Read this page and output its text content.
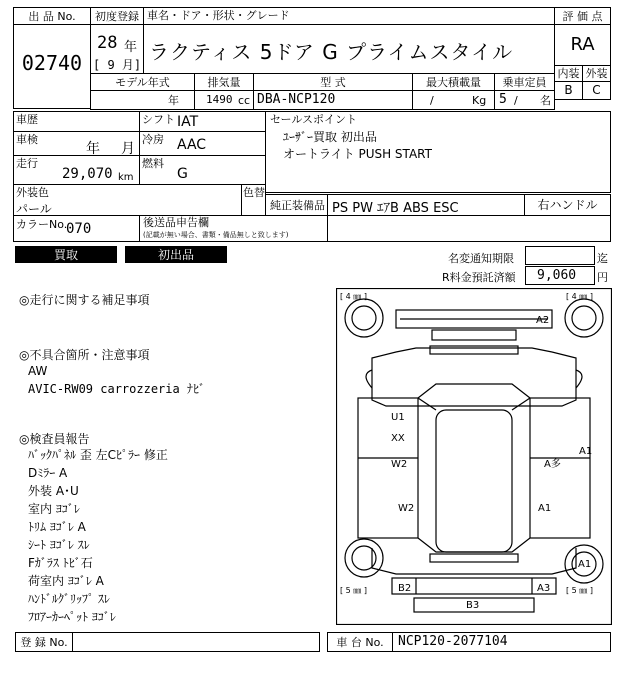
出 品 No.
02740
初度登録
28 年
[ 9 月]
車名・ドア・形状・グレード
ラクティス 5ドア G プライムスタイル
評 価 点
RA
内装 外装
B	C
モデル年式	排気量	型 式	最大積載量	乗車定員
年 1490 cc DBA-NCP120	/	Kg 5 / 名
車歴	シフト IAT
車検
年 月
冷房 AAC
走行
29,070 km
燃料
G
外装色
パール
色替
カラーNo.
070	後送品申告欄
(記載が無い場合、書類・備品無しと致します)
セールスポイント
ﾕｰｻﾞｰ買取 初出品
オートライト PUSH START
純正装備品 PS PW ｴｱB ABS ESC	右ハンドル
買取	初出品	名変通知期限	迄
R料金預託済額 9,060 円
◎走行に関する補足事項
◎不具合箇所・注意事項
AW
AVIC-RW09 carrozzeria ﾅﾋﾞ
◎検査員報告
ﾊﾞｯｸﾊﾟﾈﾙ 歪 左Cﾋﾟﾗｰ 修正
Dﾐﾗｰ A
外装 A･U
室内 ﾖｺﾞﾚ
ﾄﾘﾑ ﾖｺﾞﾚ A
ｼｰﾄ ﾖｺﾞﾚ ｽﾚ
Fｶﾞﾗｽ ﾄﾋﾞ石
荷室内 ﾖｺﾞﾚ A
ﾊﾝﾄﾞﾙｸﾞﾘｯﾌﾟ ｽﾚ
ﾌﾛｱｰｶｰﾍﾟｯﾄ ﾖｺﾞﾚ
[ 4 ㎜ ]	[ 4 ㎜ ]
[ 5 ㎜ ]	[ 5 ㎜ ]
A2
U1
XX
W2
W2
A多
A1
A1
A1
B2	A3
B3
登 録 No.	車 台 No.	NCP120-2077104
